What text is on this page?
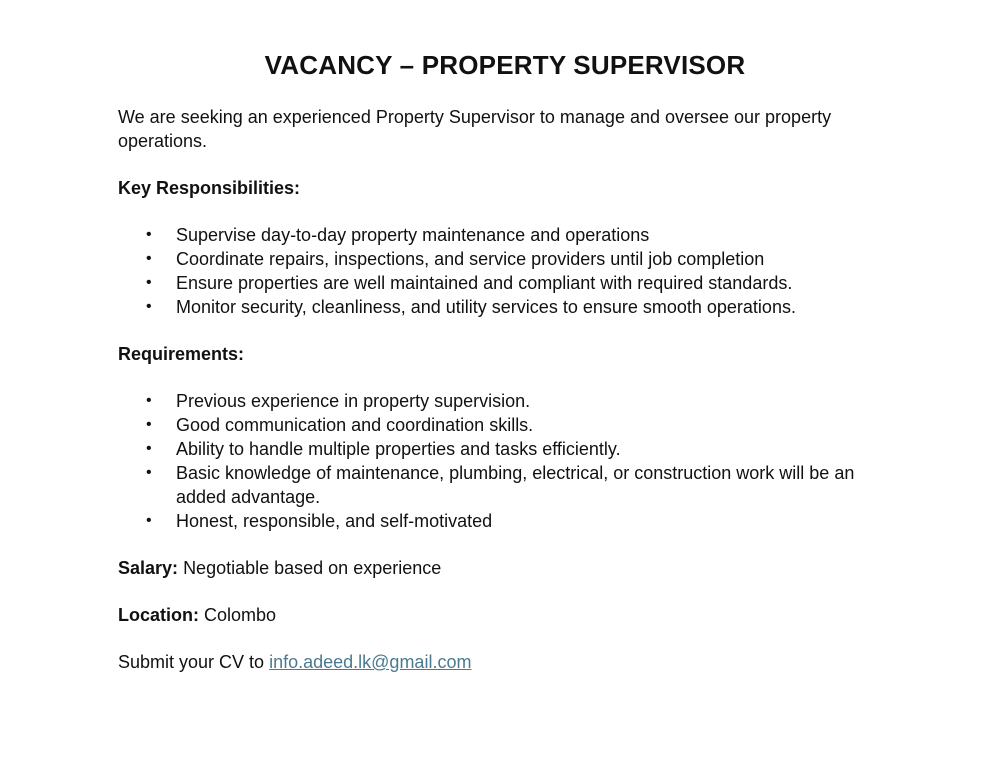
VACANCY – PROPERTY SUPERVISOR

We are seeking an experienced Property Supervisor to manage and oversee our property operations.

Key Responsibilities:

• Supervise day-to-day property maintenance and operations
• Coordinate repairs, inspections, and service providers until job completion
• Ensure properties are well maintained and compliant with required standards.
• Monitor security, cleanliness, and utility services to ensure smooth operations.

Requirements:

• Previous experience in property supervision.
• Good communication and coordination skills.
• Ability to handle multiple properties and tasks efficiently.
• Basic knowledge of maintenance, plumbing, electrical, or construction work will be an added advantage.
• Honest, responsible, and self-motivated

Salary: Negotiable based on experience

Location: Colombo

Submit your CV to info.adeed.lk@gmail.com
